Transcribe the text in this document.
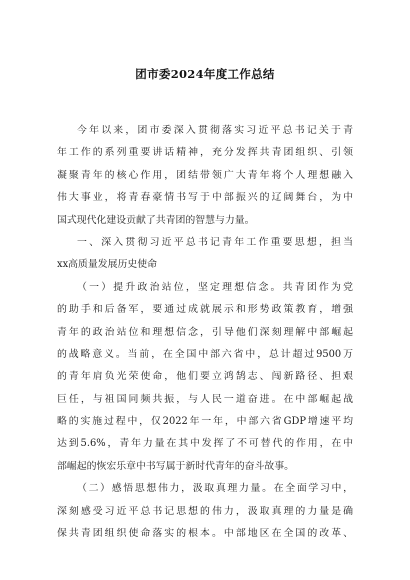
团市委2024年度工作总结
今年以来，团市委深入贯彻落实习近平总书记关于青
年工作的系列重要讲话精神，充分发挥共青团组织、引领
凝聚青年的核心作用，团结带领广大青年将个人理想融入
伟大事业，将青春豪情书写于中部振兴的辽阔舞台，为中
国式现代化建设贡献了共青团的智慧与力量。
一、深入贯彻习近平总书记青年工作重要思想，担当
xx高质量发展历史使命
（一）提升政治站位，坚定理想信念。共青团作为党
的助手和后备军，要通过成就展示和形势政策教育，增强
青年的政治站位和理想信念，引导他们深刻理解中部崛起
的战略意义。当前，在全国中部六省中，总计超过9500万
的青年肩负光荣使命，他们要立鸿鹄志、闯新路径、担艰
巨任，与祖国同频共振，与人民一道奋进。在中部崛起战
略的实施过程中，仅2022年一年，中部六省GDP增速平均
达到5.6%，青年力量在其中发挥了不可替代的作用，在中
部崛起的恢宏乐章中书写属于新时代青年的奋斗故事。
（二）感悟思想伟力，汲取真理力量。在全面学习中，
深刻感受习近平总书记思想的伟力，汲取真理的力量是确
保共青团组织使命落实的根本。中部地区在全国的改革、
